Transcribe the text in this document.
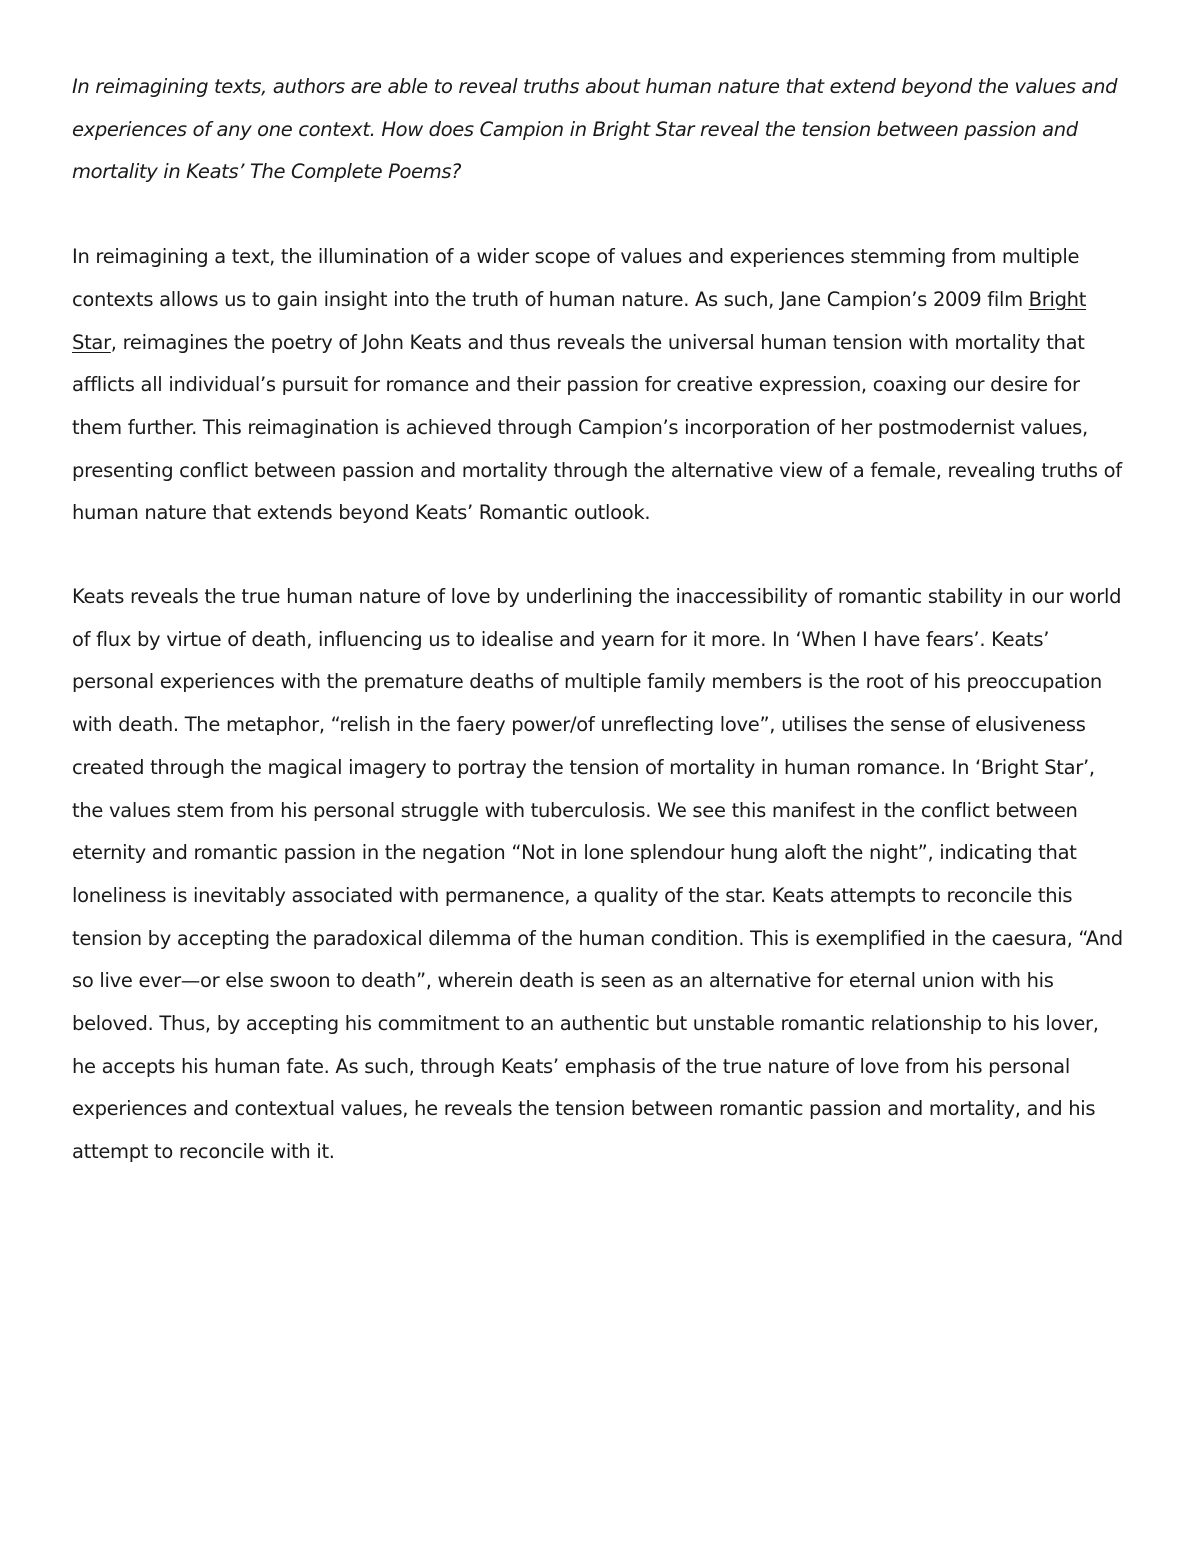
In reimagining texts, authors are able to reveal truths about human nature that extend beyond the values and experiences of any one context. How does Campion in Bright Star reveal the tension between passion and mortality in Keats’ The Complete Poems?

In reimagining a text, the illumination of a wider scope of values and experiences stemming from multiple contexts allows us to gain insight into the truth of human nature. As such, Jane Campion’s 2009 film Bright Star, reimagines the poetry of John Keats and thus reveals the universal human tension with mortality that afflicts all individual’s pursuit for romance and their passion for creative expression, coaxing our desire for them further. This reimagination is achieved through Campion’s incorporation of her postmodernist values, presenting conflict between passion and mortality through the alternative view of a female, revealing truths of human nature that extends beyond Keats’ Romantic outlook.

Keats reveals the true human nature of love by underlining the inaccessibility of romantic stability in our world of flux by virtue of death, influencing us to idealise and yearn for it more. In ‘When I have fears’. Keats’ personal experiences with the premature deaths of multiple family members is the root of his preoccupation with death. The metaphor, “relish in the faery power/of unreflecting love”, utilises the sense of elusiveness created through the magical imagery to portray the tension of mortality in human romance. In ‘Bright Star’, the values stem from his personal struggle with tuberculosis. We see this manifest in the conflict between eternity and romantic passion in the negation “Not in lone splendour hung aloft the night”, indicating that loneliness is inevitably associated with permanence, a quality of the star. Keats attempts to reconcile this tension by accepting the paradoxical dilemma of the human condition. This is exemplified in the caesura, “And so live ever—or else swoon to death”, wherein death is seen as an alternative for eternal union with his beloved. Thus, by accepting his commitment to an authentic but unstable romantic relationship to his lover, he accepts his human fate. As such, through Keats’ emphasis of the true nature of love from his personal experiences and contextual values, he reveals the tension between romantic passion and mortality, and his attempt to reconcile with it.
